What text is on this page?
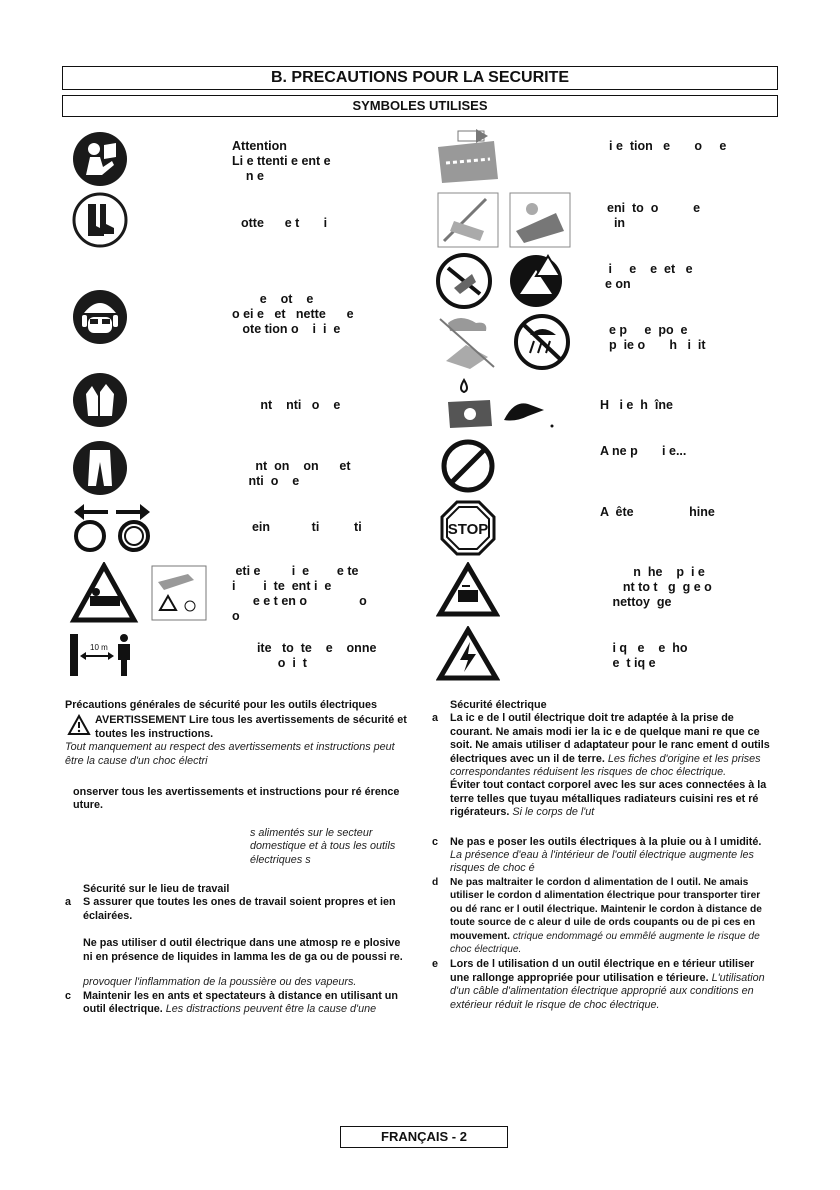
B. PRECAUTIONS POUR LA SECURITE
SYMBOLES UTILISES
10 m
Attention
Li e ttenti e ent e
n e
otte      e t       i
e    ot    e
o ei e   et   nette      e
ote tion o    i  i  e
nt    nti   o    e
nt  on    on      et
nti  o    e
ein            ti          ti
eti e         i  e        e te
i        i  te  ent i  e
e e t en o               o
o
ite   to  te    e    onne
o  i  t
STOP
i e  tion   e       o     e
eni  to  o          e
in
i     e    e  et   e
e on
e p     e  po  e
p  ie o       h   i  it
H   i e  h  îne
A ne p       i e...
A  ête                hine
n  he    p  i e
nt to t   g  g e o
nettoy  ge
i q   e    e  ho
e  t iq e
Précautions générales de sécurité pour les outils électriques
AVERTISSEMENT Lire tous les avertissements de sécurité et toutes les instructions.
Tout manquement au respect des avertissements et instructions peut être la cause d'un choc électri
onserver tous les avertissements et instructions pour ré érence uture.
s alimentés sur le secteur domestique et à tous les outils électriques s
Sécurité sur le lieu de travail
a S assurer que toutes les ones de travail soient propres et ien éclairées.
Ne pas utiliser d outil électrique dans une atmosp re e plosive ni en présence de liquides in lamma les de ga ou de poussi re.
provoquer l'inflammation de la poussière ou des vapeurs.
c Maintenir les en ants et spectateurs à distance en utilisant un outil électrique. Les distractions peuvent être la cause d'une
Sécurité électrique
a La ic e de l outil électrique doit tre adaptée à la prise de courant. Ne amais modi ier la ic e de quelque mani re que ce soit. Ne amais utiliser d adaptateur pour le ranc ement d outils électriques avec un il de terre. Les fiches d'origine et les prises correspondantes réduisent les risques de choc électrique.
Éviter tout contact corporel avec les sur aces connectées à la terre telles que tuyau métalliques radiateurs cuisini res et ré rigérateurs. Si le corps de l'ut
c Ne pas e poser les outils électriques à la pluie ou à l umidité. La présence d'eau à l'intérieur de l'outil électrique augmente les risques de choc é
d Ne pas maltraiter le cordon d alimentation de l outil. Ne amais utiliser le cordon d alimentation électrique pour transporter tirer ou dé ranc er l outil électrique. Maintenir le cordon à distance de toute source de c aleur d uile de ords coupants ou de pi ces en mouvement. ctrique endommagé ou emmêlé augmente le risque de choc électrique.
e Lors de l utilisation d un outil électrique en e térieur utiliser une rallonge appropriée pour utilisation e térieure. L'utilisation d'un câble d'alimentation électrique approprié aux conditions en extérieur réduit le risque de choc électrique.
FRANÇAIS - 2
